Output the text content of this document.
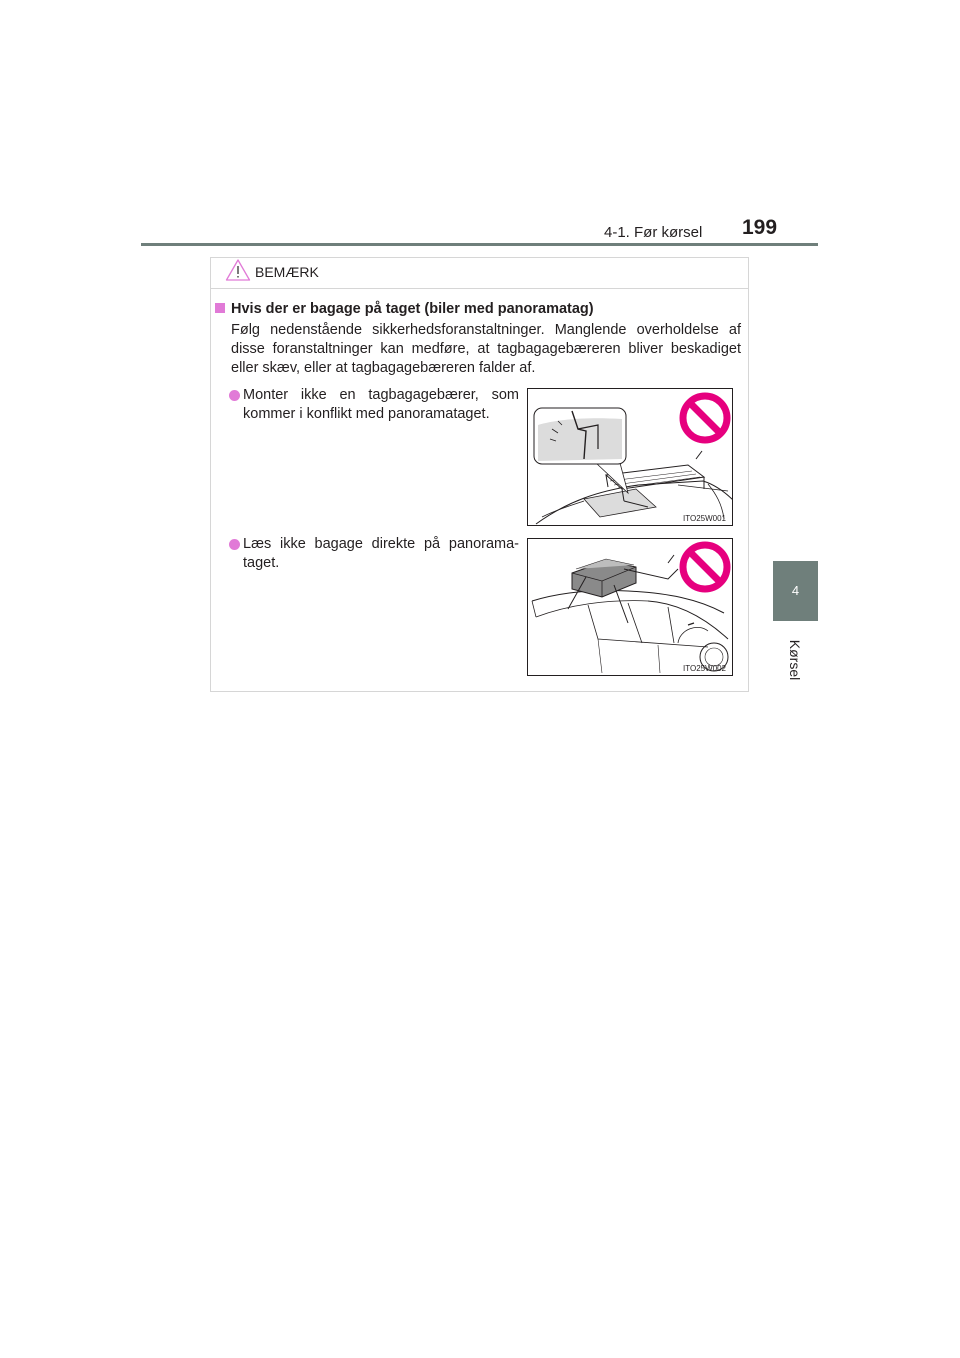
4-1. Før kørsel 199
4
Kørsel
BEMÆRK
Hvis der er bagage på taget (biler med panoramatag)
Følg nedenstående sikkerhedsforanstaltninger. Manglende overholdelse af disse foranstaltninger kan medføre, at tagbagagebæreren bliver beskadiget eller skæv, eller at tagbagagebæreren falder af.
Monter ikke en tagbagagebærer, som kommer i konflikt med panoramataget.
ITO25W001
Læs ikke bagage direkte på panorama-taget.
ITO25W002
